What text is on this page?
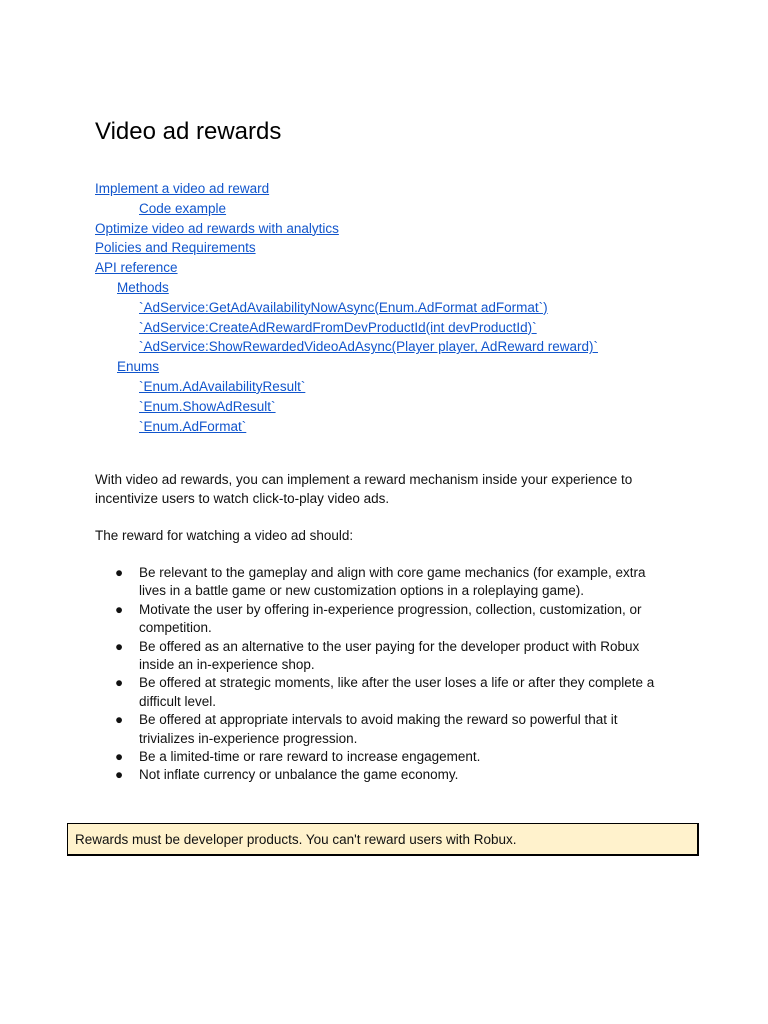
Video ad rewards
Implement a video ad reward
Code example
Optimize video ad rewards with analytics
Policies and Requirements
API reference
Methods
`AdService:GetAdAvailabilityNowAsync(Enum.AdFormat adFormat`)
`AdService:CreateAdRewardFromDevProductId(int devProductId)`
`AdService:ShowRewardedVideoAdAsync(Player player, AdReward reward)`
Enums
`Enum.AdAvailabilityResult`
`Enum.ShowAdResult`
`Enum.AdFormat`

With video ad rewards, you can implement a reward mechanism inside your experience to incentivize users to watch click-to-play video ads.

The reward for watching a video ad should:

● Be relevant to the gameplay and align with core game mechanics (for example, extra lives in a battle game or new customization options in a roleplaying game).
● Motivate the user by offering in-experience progression, collection, customization, or competition.
● Be offered as an alternative to the user paying for the developer product with Robux inside an in-experience shop.
● Be offered at strategic moments, like after the user loses a life or after they complete a difficult level.
● Be offered at appropriate intervals to avoid making the reward so powerful that it trivializes in-experience progression.
● Be a limited-time or rare reward to increase engagement.
● Not inflate currency or unbalance the game economy.
Rewards must be developer products. You can't reward users with Robux.
